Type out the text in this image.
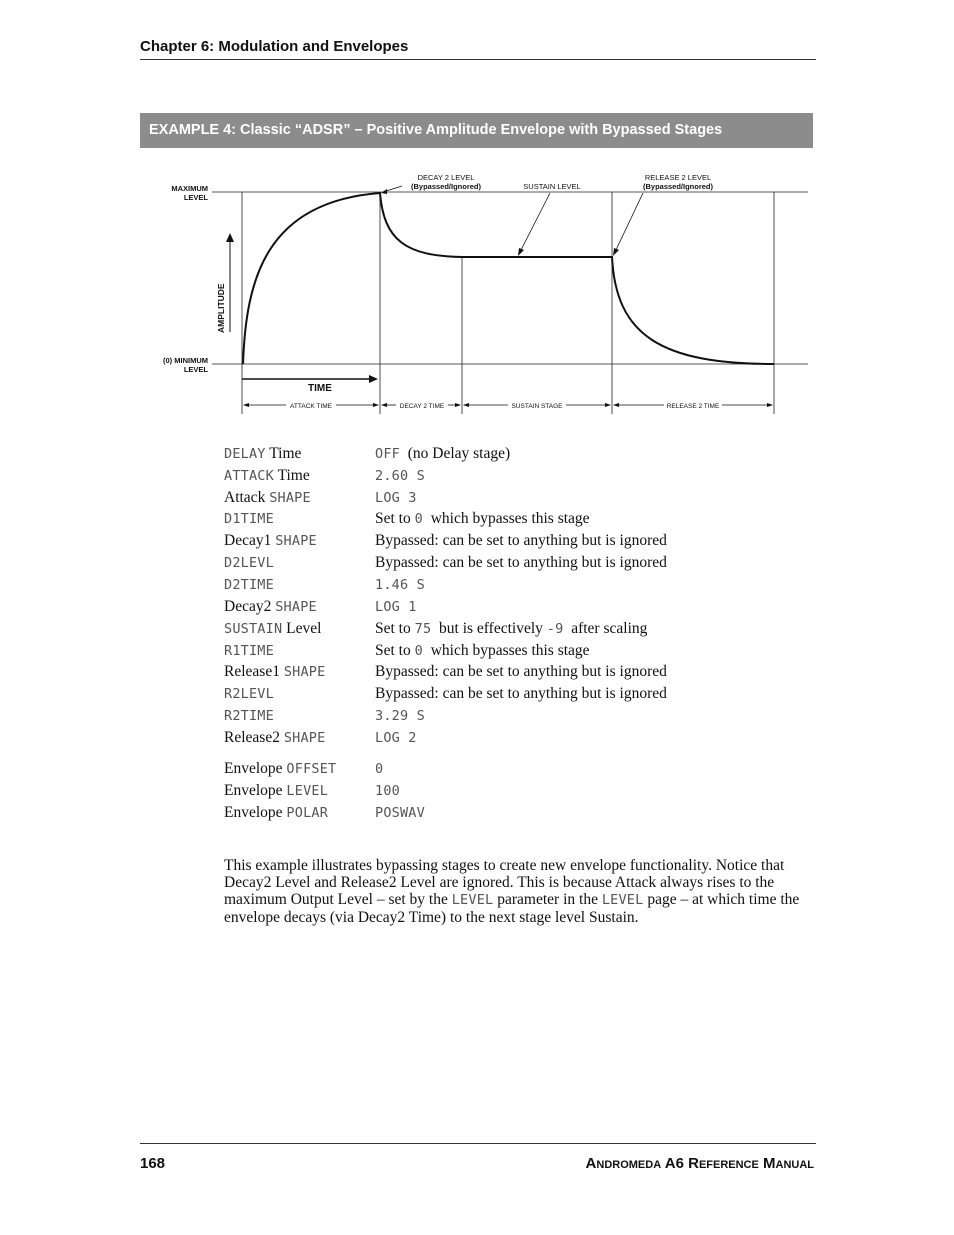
Chapter 6: Modulation and Envelopes
EXAMPLE 4: Classic “ADSR” – Positive Amplitude Envelope with Bypassed Stages
MAXIMUM
LEVEL
(0) MINIMUM
LEVEL
AMPLITUDE
TIME
DECAY 2 LEVEL
(Bypassed/Ignored)	SUSTAIN LEVEL
RELEASE 2 LEVEL
(Bypassed/Ignored)
ATTACK TIME	DECAY 2 TIME	SUSTAIN STAGE	RELEASE 2 TIME
DELAY Time	OFF  (no Delay stage)
ATTACK Time	2.60 S
Attack SHAPE	LOG 3
D1TIME	Set to 0  which bypasses this stage
Decay1 SHAPE	Bypassed: can be set to anything but is ignored
D2LEVL	Bypassed: can be set to anything but is ignored
D2TIME	1.46 S
Decay2 SHAPE	LOG 1
SUSTAIN Level	Set to 75  but is effectively -9  after scaling
R1TIME	Set to 0  which bypasses this stage
Release1 SHAPE	Bypassed: can be set to anything but is ignored
R2LEVL	Bypassed: can be set to anything but is ignored
R2TIME	3.29 S
Release2 SHAPE	LOG 2
Envelope OFFSET	0
Envelope LEVEL	100
Envelope POLAR	POSWAV
This example illustrates bypassing stages to create new envelope functionality. Notice that Decay2 Level and Release2 Level are ignored. This is because Attack always rises to the maximum Output Level – set by the LEVEL parameter in the LEVEL page – at which time the envelope decays (via Decay2 Time) to the next stage level Sustain.
168	Andromeda A6 Reference Manual
